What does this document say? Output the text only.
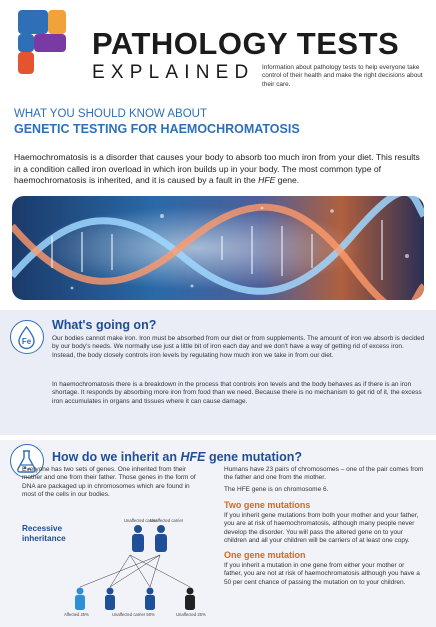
PATHOLOGY TESTS
EXPLAINED Information about pathology tests to help everyone take control of their health and make the right decisions about their care.
WHAT YOU SHOULD KNOW ABOUT
GENETIC TESTING FOR HAEMOCHROMATOSIS
Haemochromatosis is a disorder that causes your body to absorb too much iron from your diet. This results in a condition called iron overload in which iron builds up in your body. The most common type of haemochromatosis is inherited, and it is caused by a fault in the HFE gene.
Fe
What's going on?
Our bodies cannot make iron. Iron must be absorbed from our diet or from supplements. The amount of iron we absorb is decided by our body's needs. We normally use just a little bit of iron each day and we don't have a way of getting rid of excess iron. Instead, the body closely controls iron levels by regulating how much iron we take in from our diet.
In haemochromatosis there is a breakdown in the process that controls iron levels and the body behaves as if there is an iron shortage. It responds by absorbing more iron from food than we need. Because there is no mechanism to get rid of it, the excess iron accumulates in organs and tissues where it can cause damage.
How do we inherit an HFE gene mutation?
Everyone has two sets of genes. One inherited from their mother and one from their father. Those genes in the form of DNA are packaged up in chromosomes which are found in most of the cells in our bodies.
Humans have 23 pairs of chromosomes – one of the pair comes from the father and one from the mother.
The HFE gene is on chromosome 6.
Two gene mutations
If you inherit gene mutations from both your mother and your father, you are at risk of haemochromatosis, although many people never develop the disorder. You will pass the altered gene on to your children and all your children will be carriers of at least one copy.
One gene mutation
If you inherit a mutation in one gene from either your mother or father, you are not at risk of haemochromatosis although you have a 50 per cent chance of passing the mutation on to your children.
Recessive
inheritance
Unaffected carrier
Unaffected carrier
Affected 25%	Unaffected carrier 50%	Unaffected 25%
